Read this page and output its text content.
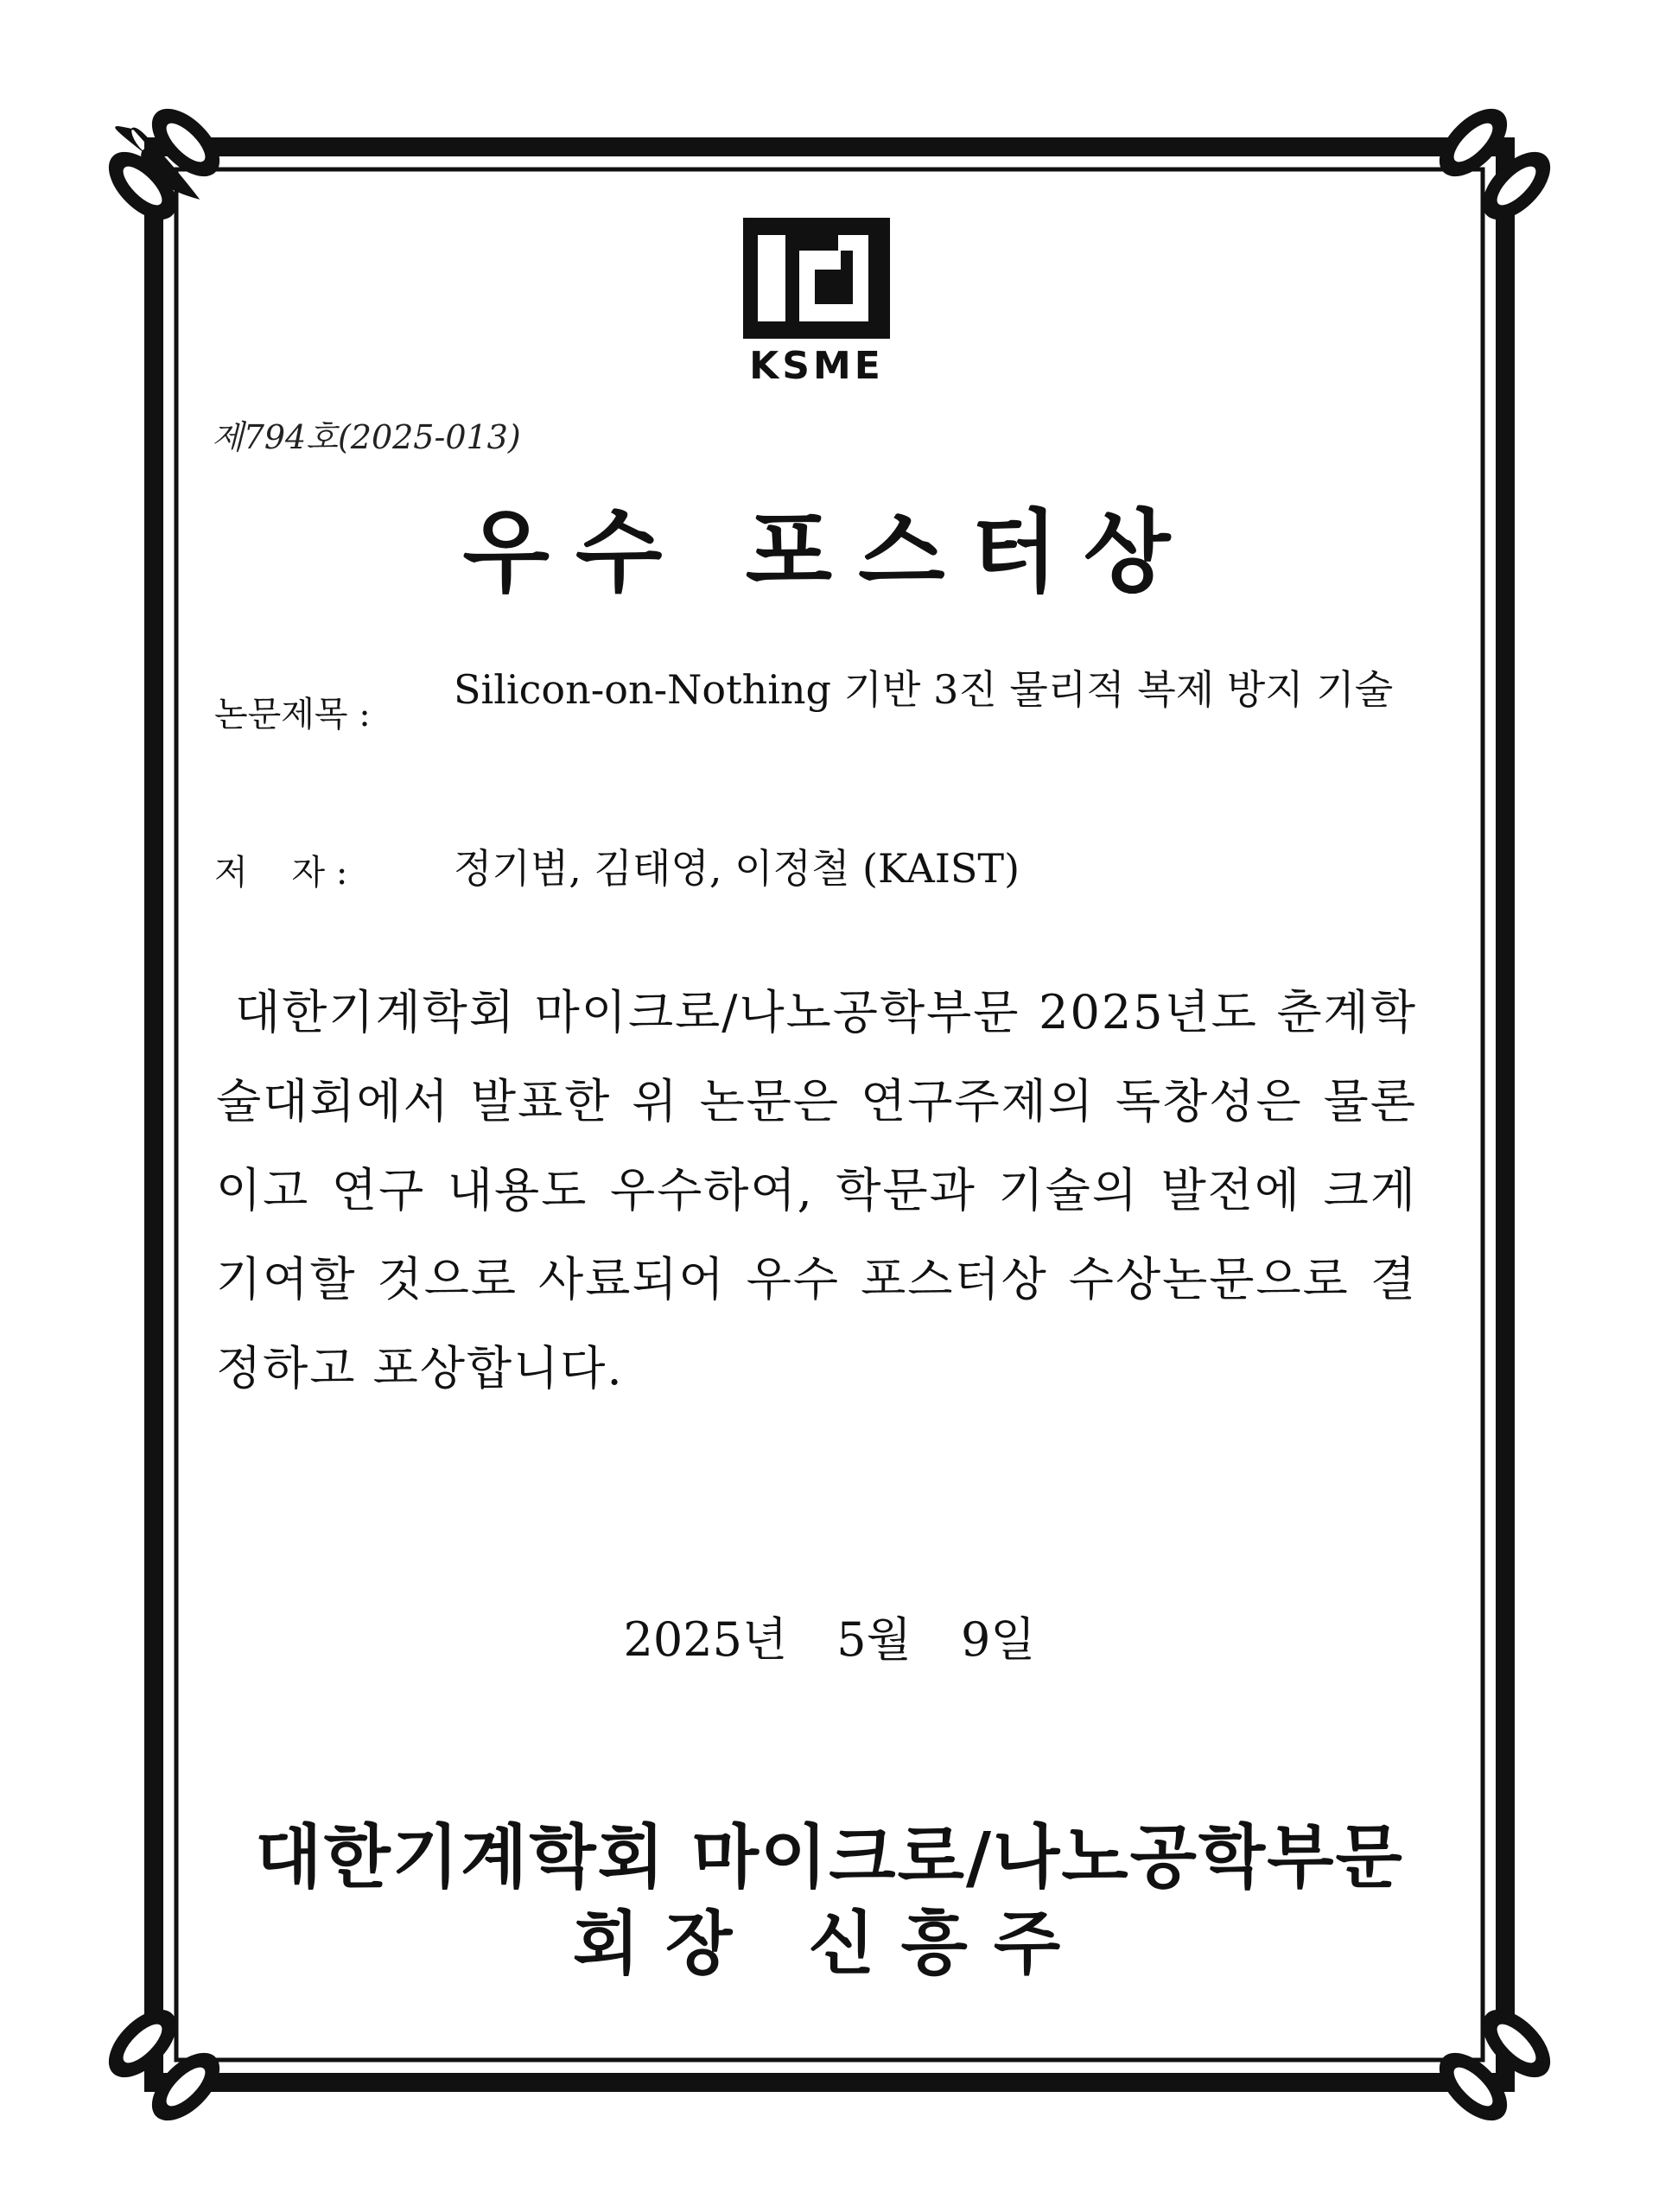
KSME
제794호(2025-013)
우수 포스터상
논문제목 :
Silicon-on-Nothing 기반 3진 물리적 복제 방지 기술
저    자 :	정기범, 김태영, 이정철 (KAIST)
대한기계학회 마이크로/나노공학부문 2025년도 춘계학술대회에서 발표한 위 논문은 연구주제의 독창성은 물론이고 연구 내용도 우수하여, 학문과 기술의 발전에 크게 기여할 것으로 사료되어 우수 포스터상 수상논문으로 결정하고 포상합니다.
2025년 5월 9일
대한기계학회 마이크로/나노공학부문
회장 신흥주
